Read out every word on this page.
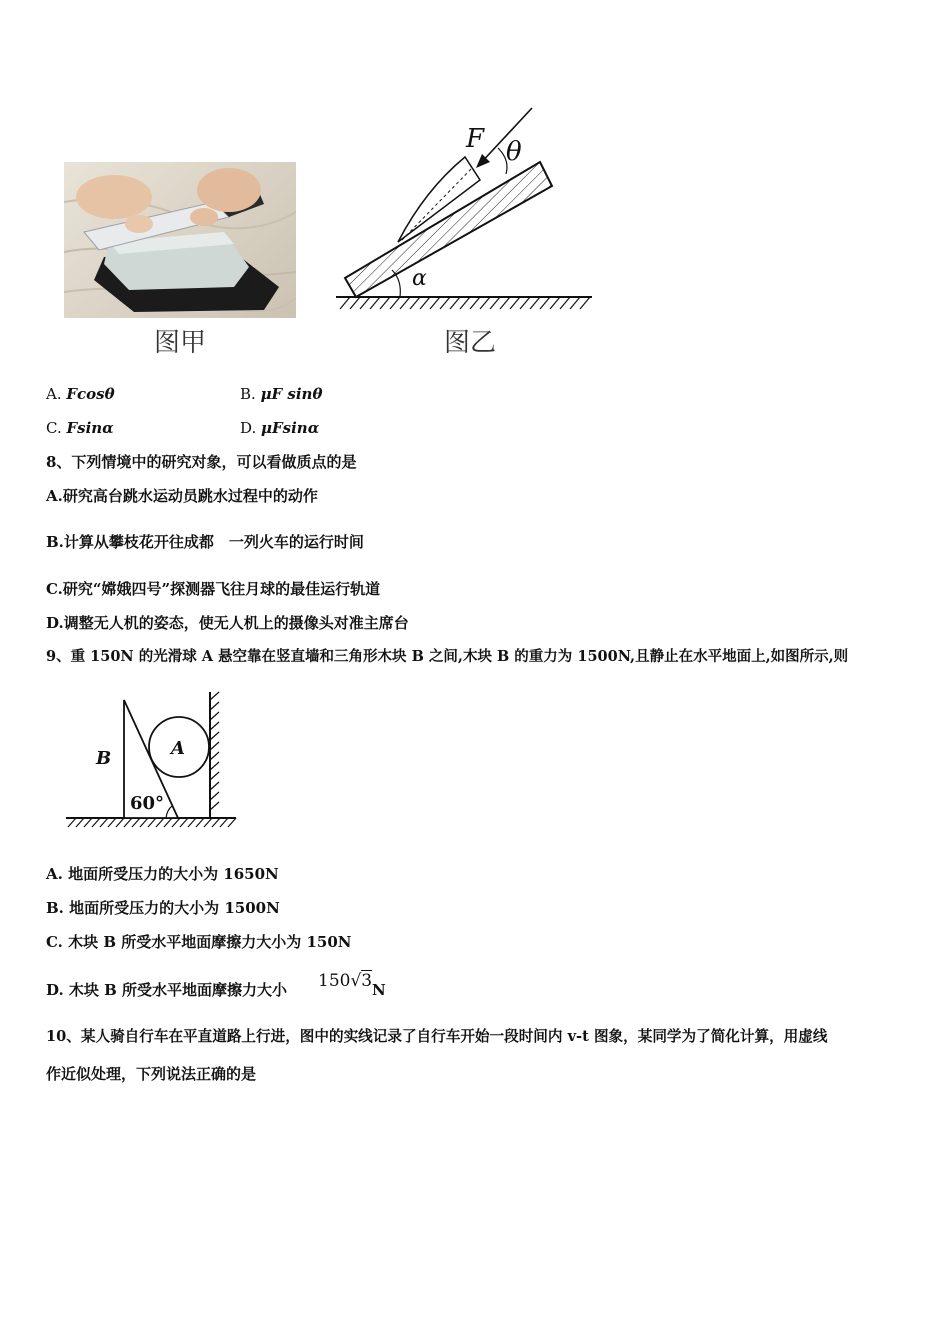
F θ
α
图甲	图乙
A. Fcosθ	B. μF sinθ
C. Fsinα	D. μFsinα
8、下列情境中的研究对象，可以看做质点的是
A.研究高台跳水运动员跳水过程中的动作
B.计算从攀枝花开往成都　一列火车的运行时间
C.研究“嫦娥四号”探测器飞往月球的最佳运行轨道
D.调整无人机的姿态，使无人机上的摄像头对准主席台
9、重 150N 的光滑球 A 悬空靠在竖直墙和三角形木块 B 之间,木块 B 的重力为 1500N,且静止在水平地面上,如图所示,则
B	A
60°
A. 地面所受压力的大小为 1650N
B. 地面所受压力的大小为 1500N
C. 木块 B 所受水平地面摩擦力大小为 150N
D. 木块 B 所受水平地面摩擦力大小 150√3 N
10、某人骑自行车在平直道路上行进，图中的实线记录了自行车开始一段时间内 v-t 图象，某同学为了简化计算，用虚线
作近似处理，下列说法正确的是
